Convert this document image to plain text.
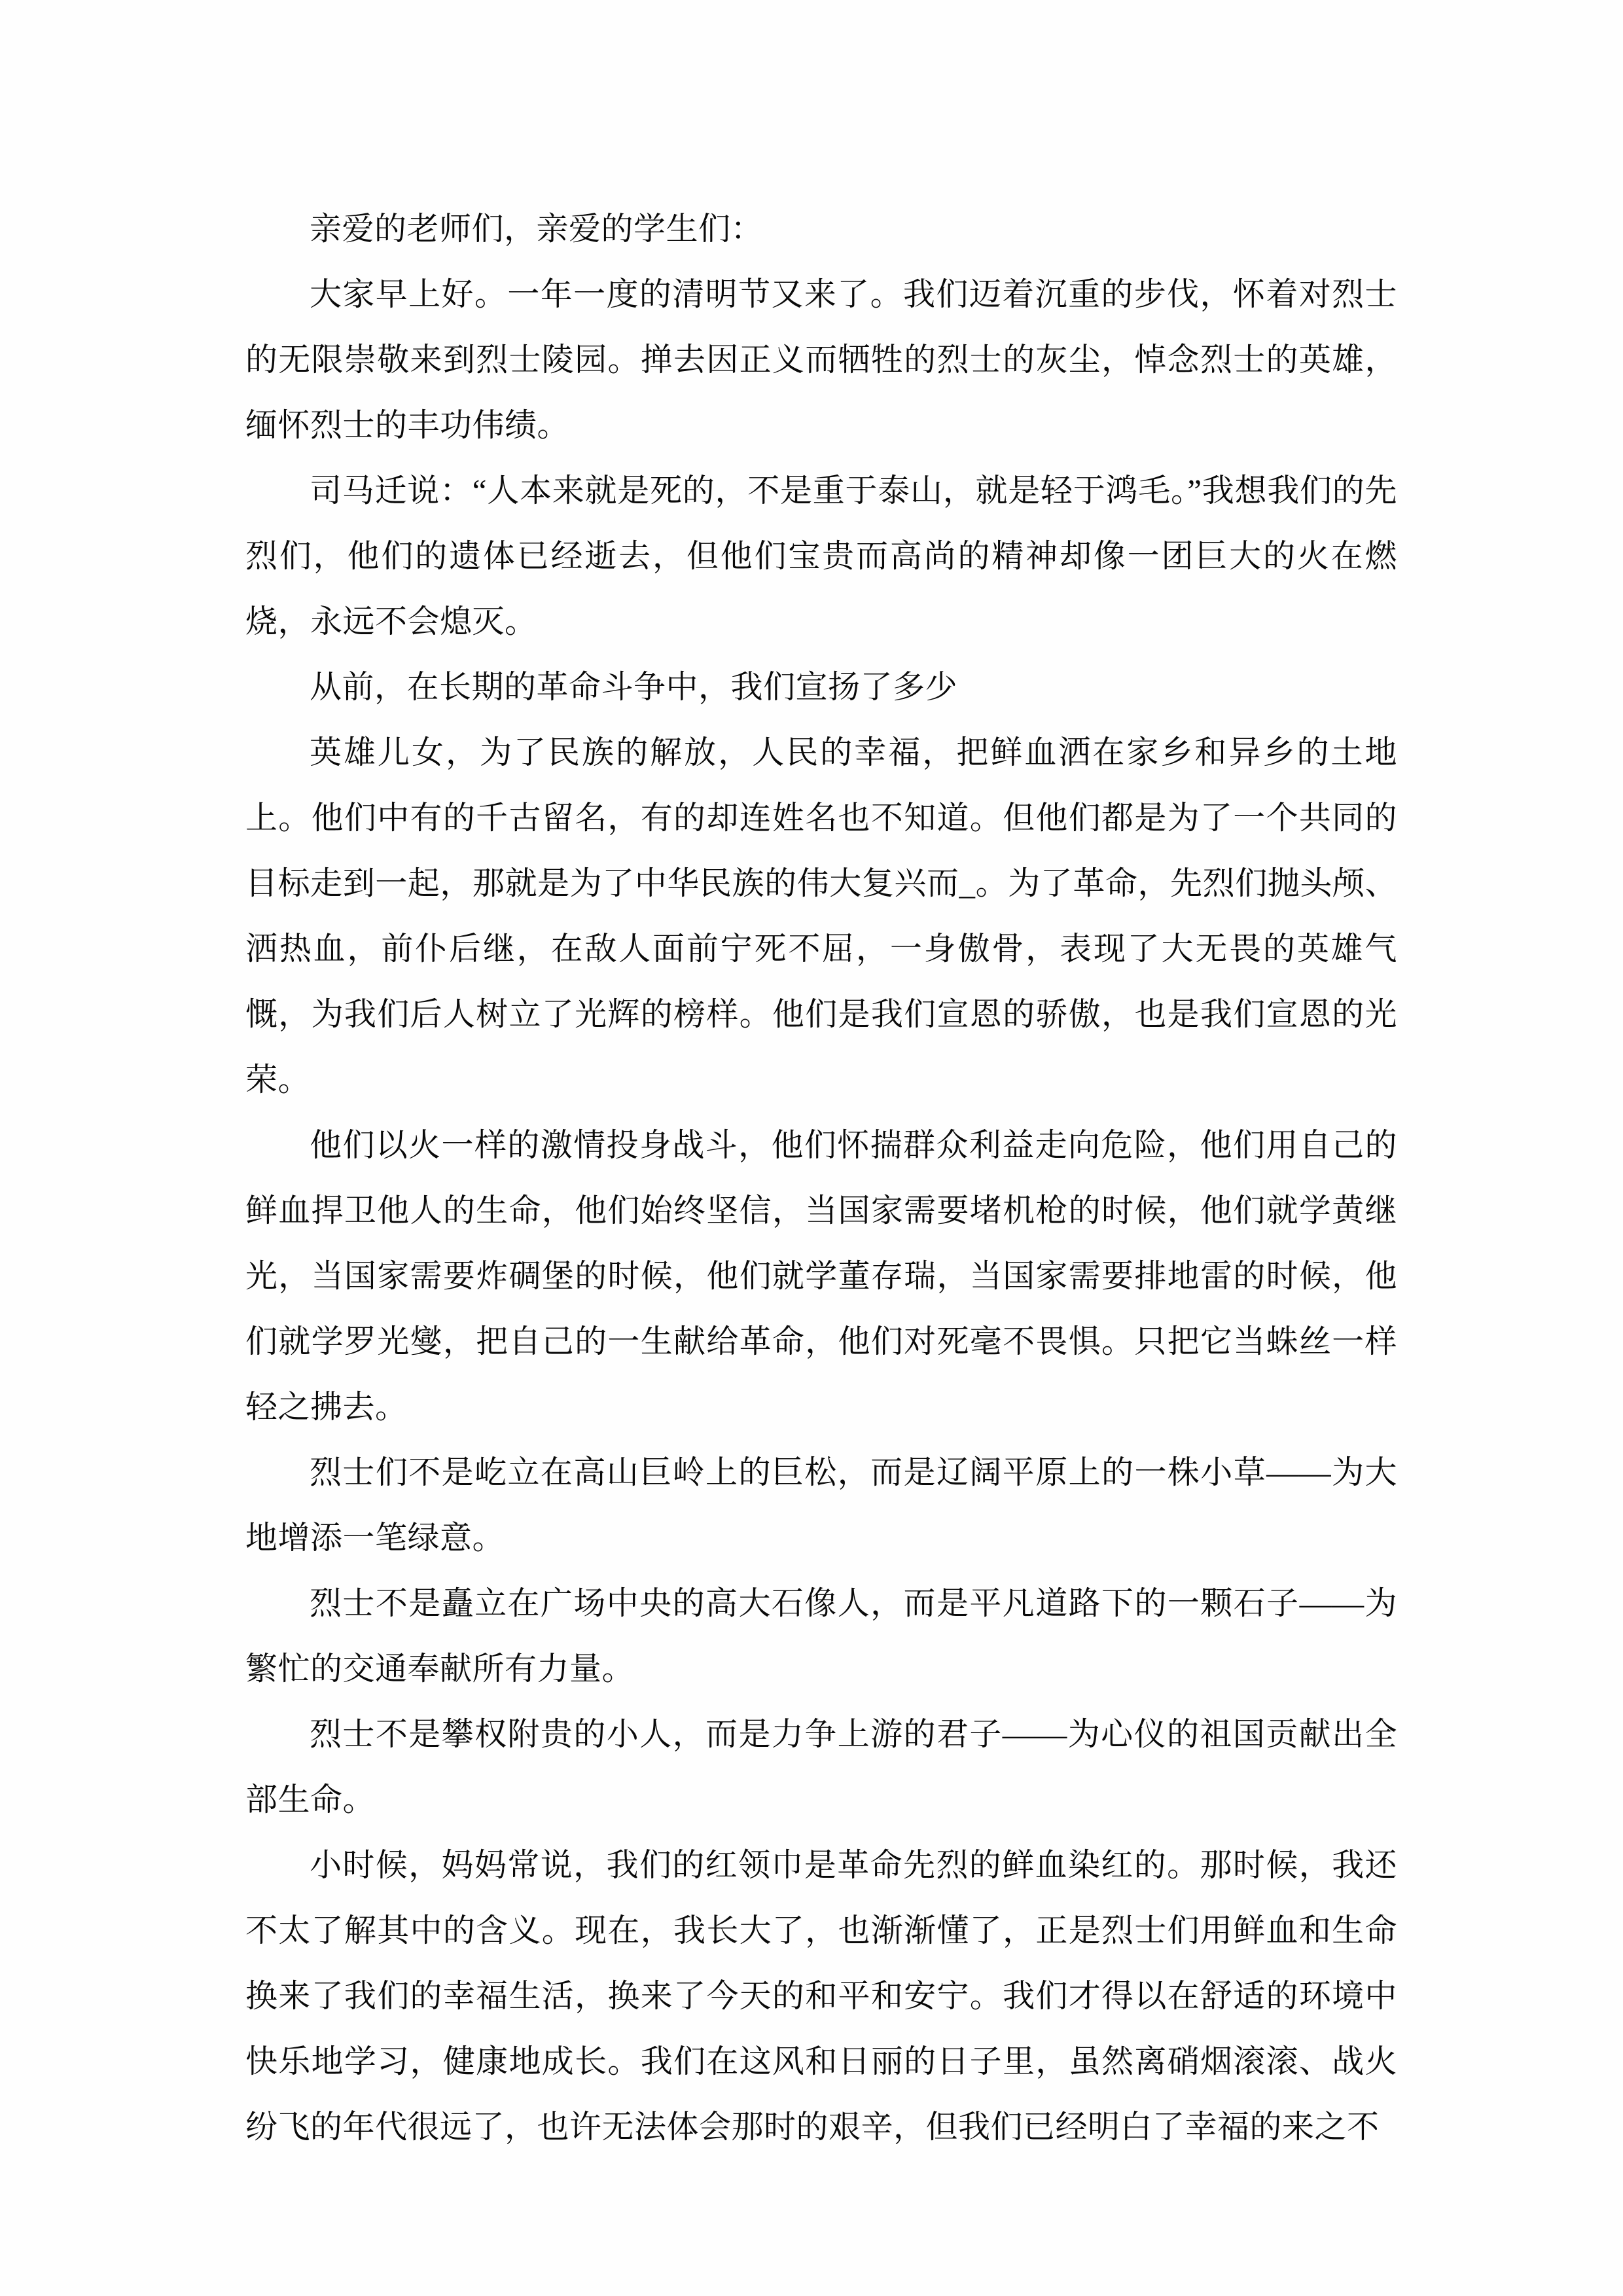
亲爱的老师们，亲爱的学生们：

大家早上好。一年一度的清明节又来了。我们迈着沉重的步伐，怀着对烈士的无限崇敬来到烈士陵园。掸去因正义而牺牲的烈士的灰尘，悼念烈士的英雄，缅怀烈士的丰功伟绩。

司马迁说：“人本来就是死的，不是重于泰山，就是轻于鸿毛。”我想我们的先烈们，他们的遗体已经逝去，但他们宝贵而高尚的精神却像一团巨大的火在燃烧，永远不会熄灭。

从前，在长期的革命斗争中，我们宣扬了多少

英雄儿女，为了民族的解放，人民的幸福，把鲜血洒在家乡和异乡的土地上。他们中有的千古留名，有的却连姓名也不知道。但他们都是为了一个共同的目标走到一起，那就是为了中华民族的伟大复兴而_。为了革命，先烈们抛头颅、洒热血，前仆后继，在敌人面前宁死不屈，一身傲骨，表现了大无畏的英雄气慨，为我们后人树立了光辉的榜样。他们是我们宣恩的骄傲，也是我们宣恩的光荣。

他们以火一样的激情投身战斗，他们怀揣群众利益走向危险，他们用自己的鲜血捍卫他人的生命，他们始终坚信，当国家需要堵机枪的时候，他们就学黄继光，当国家需要炸碉堡的时候，他们就学董存瑞，当国家需要排地雷的时候，他们就学罗光燮，把自己的一生献给革命，他们对死毫不畏惧。只把它当蛛丝一样轻之拂去。

烈士们不是屹立在高山巨岭上的巨松，而是辽阔平原上的一株小草——为大地增添一笔绿意。

烈士不是矗立在广场中央的高大石像人，而是平凡道路下的一颗石子——为繁忙的交通奉献所有力量。

烈士不是攀权附贵的小人，而是力争上游的君子——为心仪的祖国贡献出全部生命。

小时候，妈妈常说，我们的红领巾是革命先烈的鲜血染红的。那时候，我还不太了解其中的含义。现在，我长大了，也渐渐懂了，正是烈士们用鲜血和生命换来了我们的幸福生活，换来了今天的和平和安宁。我们才得以在舒适的环境中快乐地学习，健康地成长。我们在这风和日丽的日子里，虽然离硝烟滚滚、战火纷飞的年代很远了，也许无法体会那时的艰辛，但我们已经明白了幸福的来之不
